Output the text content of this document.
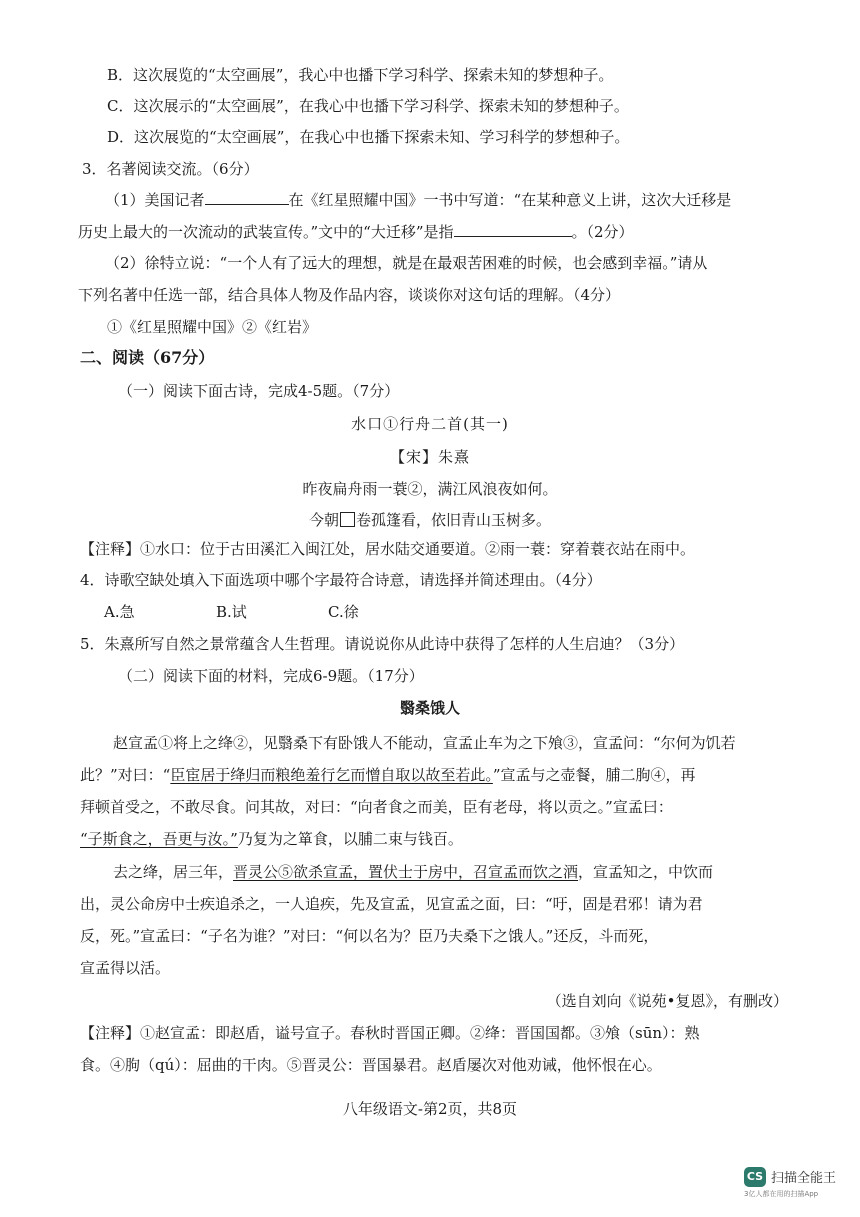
B．这次展览的“太空画展”，我心中也播下学习科学、探索未知的梦想种子。
C．这次展示的“太空画展”，在我心中也播下学习科学、探索未知的梦想种子。
D．这次展览的“太空画展”，在我心中也播下探索未知、学习科学的梦想种子。
3．名著阅读交流。（6分）
（1）美国记者	在《红星照耀中国》一书中写道：“在某种意义上讲，这次大迁移是
历史上最大的一次流动的武装宣传。”文中的“大迁移”是指	。（2分）
（2）徐特立说：“一个人有了远大的理想，就是在最艰苦困难的时候，也会感到幸福。”请从
下列名著中任选一部，结合具体人物及作品内容，谈谈你对这句话的理解。（4分）
①《红星照耀中国》②《红岩》
二、阅读（67分）
（一）阅读下面古诗，完成4-5题。（7分）
水口①行舟二首(其一)
【宋】朱熹
昨夜扁舟雨一蓑②，满江风浪夜如何。
今朝 卷孤篷看，依旧青山玉树多。
【注释】①水口：位于古田溪汇入闽江处，居水陆交通要道。②雨一蓑：穿着蓑衣站在雨中。
4．诗歌空缺处填入下面选项中哪个字最符合诗意，请选择并简述理由。（4分）
A.急	B.试	C.徐
5．朱熹所写自然之景常蕴含人生哲理。请说说你从此诗中获得了怎样的人生启迪？（3分）
（二）阅读下面的材料，完成6-9题。（17分）
翳桑饿人
赵宣孟①将上之绛②，见翳桑下有卧饿人不能动，宣孟止车为之下飧③，宣孟问：“尔何为饥若
此？”对曰：“臣宦居于绛归而粮绝羞行乞而憎自取以故至若此。”宣孟与之壶餐，脯二朐④，再
拜顿首受之，不敢尽食。问其故，对曰：“向者食之而美，臣有老母，将以贡之。”宣孟曰：
“子斯食之，吾更与汝。”乃复为之箪食，以脯二束与钱百。
去之绛，居三年，晋灵公⑤欲杀宣孟，置伏士于房中，召宣孟而饮之酒，宣孟知之，中饮而
出，灵公命房中士疾追杀之，一人追疾，先及宣孟，见宣孟之面，曰：“吁，固是君邪！请为君
反，死。”宣孟曰：“子名为谁？”对曰：“何以名为？臣乃夫桑下之饿人。”还反，斗而死，
宣孟得以活。
（选自刘向《说苑•复恩》，有删改）
【注释】①赵宣孟：即赵盾，谥号宣子。春秋时晋国正卿。②绛：晋国国都。③飧（sūn）：熟
食。④朐（qú）：屈曲的干肉。⑤晋灵公：晋国暴君。赵盾屡次对他劝诫，他怀恨在心。
八年级语文-第2页，共8页
CS 扫描全能王
3亿人都在用的扫描App
